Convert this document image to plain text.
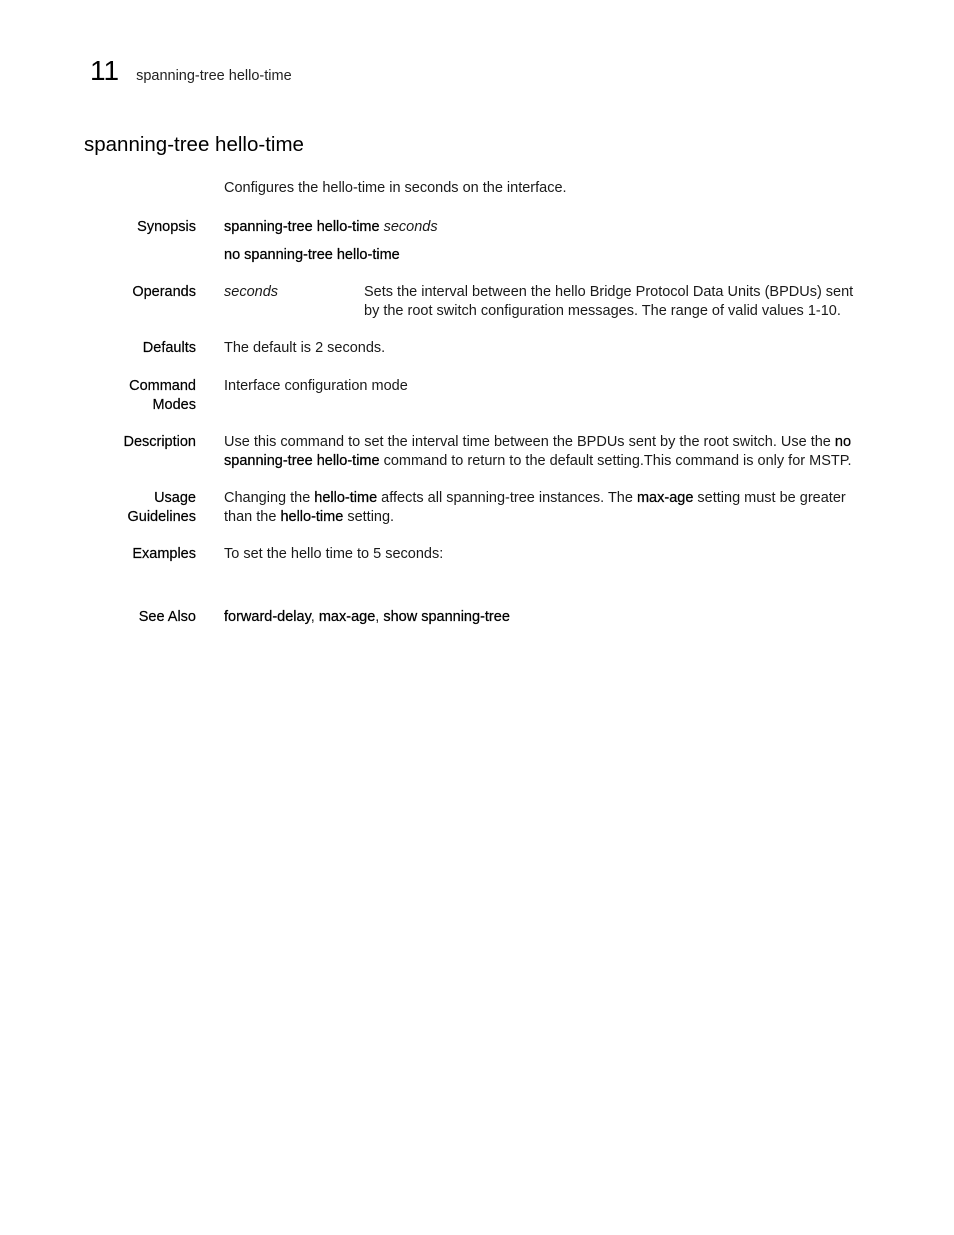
11 spanning-tree hello-time
spanning-tree hello-time
Configures the hello-time in seconds on the interface.
Synopsis spanning-tree hello-time seconds
no spanning-tree hello-time
Operands seconds	Sets the interval between the hello Bridge Protocol Data Units (BPDUs) sent by the root switch configuration messages. The range of valid values 1-10.
Defaults The default is 2 seconds.
Command
Modes
Interface configuration mode
Description Use this command to set the interval time between the BPDUs sent by the root switch. Use the no spanning-tree hello-time command to return to the default setting.This command is only for MSTP.
Usage
Guidelines
Changing the hello-time affects all spanning-tree instances. The max-age setting must be greater than the hello-time setting.
Examples To set the hello time to 5 seconds:
See Also forward-delay, max-age, show spanning-tree
